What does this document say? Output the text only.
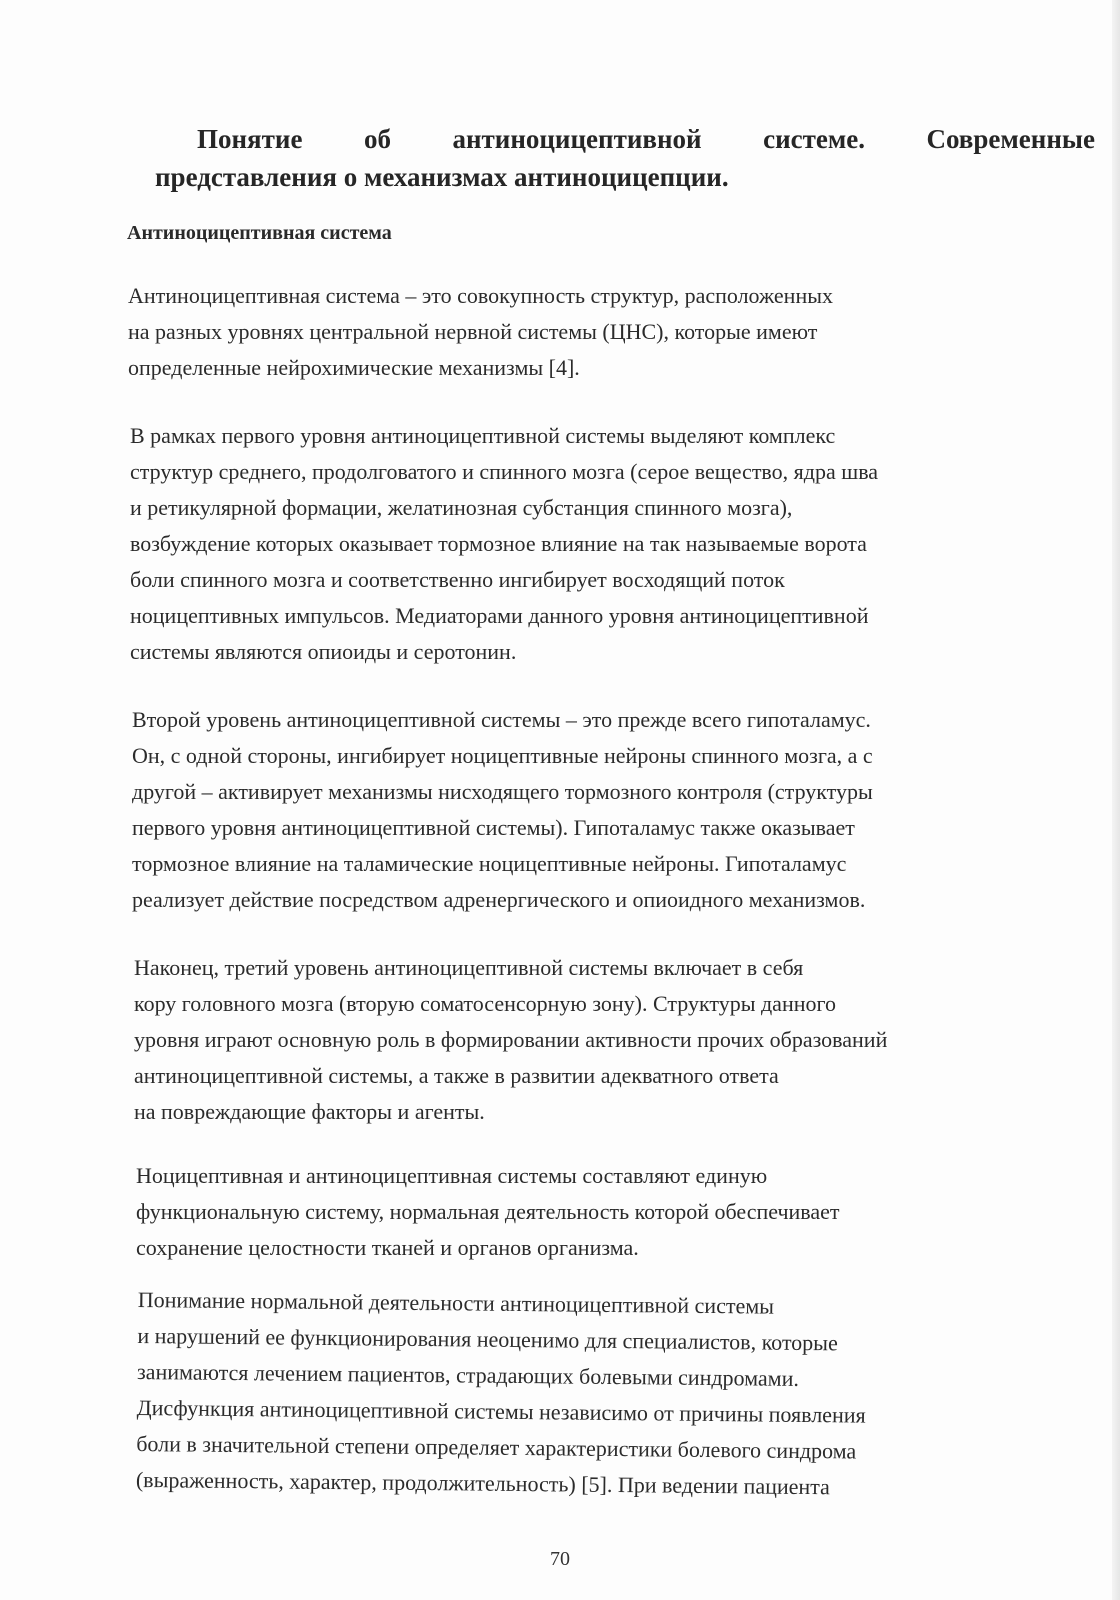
Понятие об антиноцицептивной системе. Современные
представления о механизмах антиноцицепции.
Антиноцицептивная система

Антиноцицептивная система – это совокупность структур, расположенных
на разных уровнях центральной нервной системы (ЦНС), которые имеют
определенные нейрохимические механизмы [4].

В рамках первого уровня антиноцицептивной системы выделяют комплекс
структур среднего, продолговатого и спинного мозга (серое вещество, ядра шва
и ретикулярной формации, желатинозная субстанция спинного мозга),
возбуждение которых оказывает тормозное влияние на так называемые ворота
боли спинного мозга и соответственно ингибирует восходящий поток
ноцицептивных импульсов. Медиаторами данного уровня антиноцицептивной
системы являются опиоиды и серотонин.

Второй уровень антиноцицептивной системы – это прежде всего гипоталамус.
Он, с одной стороны, ингибирует ноцицептивные нейроны спинного мозга, а с
другой – активирует механизмы нисходящего тормозного контроля (структуры
первого уровня антиноцицептивной системы). Гипоталамус также оказывает
тормозное влияние на таламические ноцицептивные нейроны. Гипоталамус
реализует действие посредством адренергического и опиоидного механизмов.

Наконец, третий уровень антиноцицептивной системы включает в себя
кору головного мозга (вторую соматосенсорную зону). Структуры данного
уровня играют основную роль в формировании активности прочих образований
антиноцицептивной системы, а также в развитии адекватного ответа
на повреждающие факторы и агенты.

Ноцицептивная и антиноцицептивная системы составляют единую
функциональную систему, нормальная деятельность которой обеспечивает
сохранение целостности тканей и органов организма.

Понимание нормальной деятельности антиноцицептивной системы
и нарушений ее функционирования неоценимо для специалистов, которые
занимаются лечением пациентов, страдающих болевыми синдромами.
Дисфункция антиноцицептивной системы независимо от причины появления
боли в значительной степени определяет характеристики болевого синдрома
(выраженность, характер, продолжительность) [5]. При ведении пациента

70
